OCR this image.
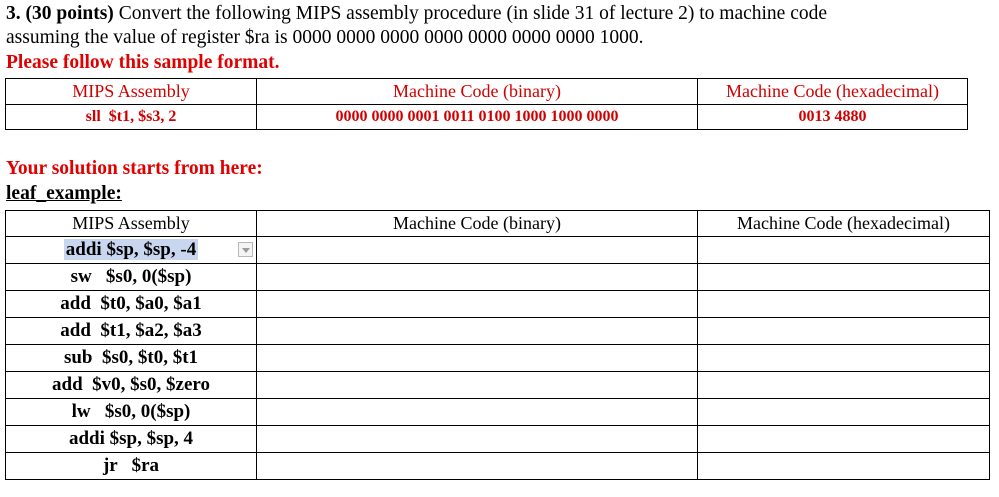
3. (30 points) Convert the following MIPS assembly procedure (in slide 31 of lecture 2) to machine code
assuming the value of register $ra is 0000 0000 0000 0000 0000 0000 0000 1000.
Please follow this sample format.
MIPS Assembly	Machine Code (binary)	Machine Code (hexadecimal)
sll  $t1, $s3, 2	0000 0000 0001 0011 0100 1000 1000 0000	0013 4880
Your solution starts from here:
leaf_example:
MIPS Assembly	Machine Code (binary)	Machine Code (hexadecimal)
addi $sp, $sp, -4

sw   $s0, 0($sp)		
add  $t0, $a0, $a1		
add  $t1, $a2, $a3		
sub  $s0, $t0, $t1		
add  $v0, $s0, $zero		
lw   $s0, 0($sp)		
addi $sp, $sp, 4		
jr   $ra		
